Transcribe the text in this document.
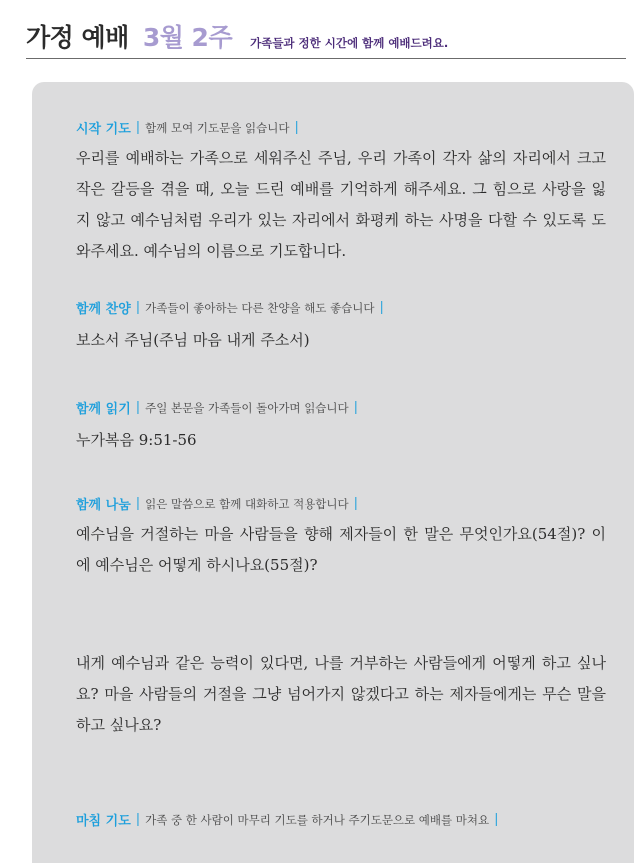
가정 예배 3월 2주 가족들과 정한 시간에 함께 예배드려요.
시작 기도 | 함께 모여 기도문을 읽습니다 |
우리를 예배하는 가족으로 세워주신 주님, 우리 가족이 각자 삶의 자리에서 크고 작은 갈등을 겪을 때, 오늘 드린 예배를 기억하게 해주세요. 그 힘으로 사랑을 잃지 않고 예수님처럼 우리가 있는 자리에서 화평케 하는 사명을 다할 수 있도록 도와주세요. 예수님의 이름으로 기도합니다.
함께 찬양 | 가족들이 좋아하는 다른 찬양을 해도 좋습니다 |
보소서 주님(주님 마음 내게 주소서)
함께 읽기 | 주일 본문을 가족들이 돌아가며 읽습니다 |
누가복음 9:51-56
함께 나눔 | 읽은 말씀으로 함께 대화하고 적용합니다 |
예수님을 거절하는 마을 사람들을 향해 제자들이 한 말은 무엇인가요(54절)? 이에 예수님은 어떻게 하시나요(55절)?
내게 예수님과 같은 능력이 있다면, 나를 거부하는 사람들에게 어떻게 하고 싶나요? 마을 사람들의 거절을 그냥 넘어가지 않겠다고 하는 제자들에게는 무슨 말을 하고 싶나요?
마침 기도 | 가족 중 한 사람이 마무리 기도를 하거나 주기도문으로 예배를 마쳐요 |
